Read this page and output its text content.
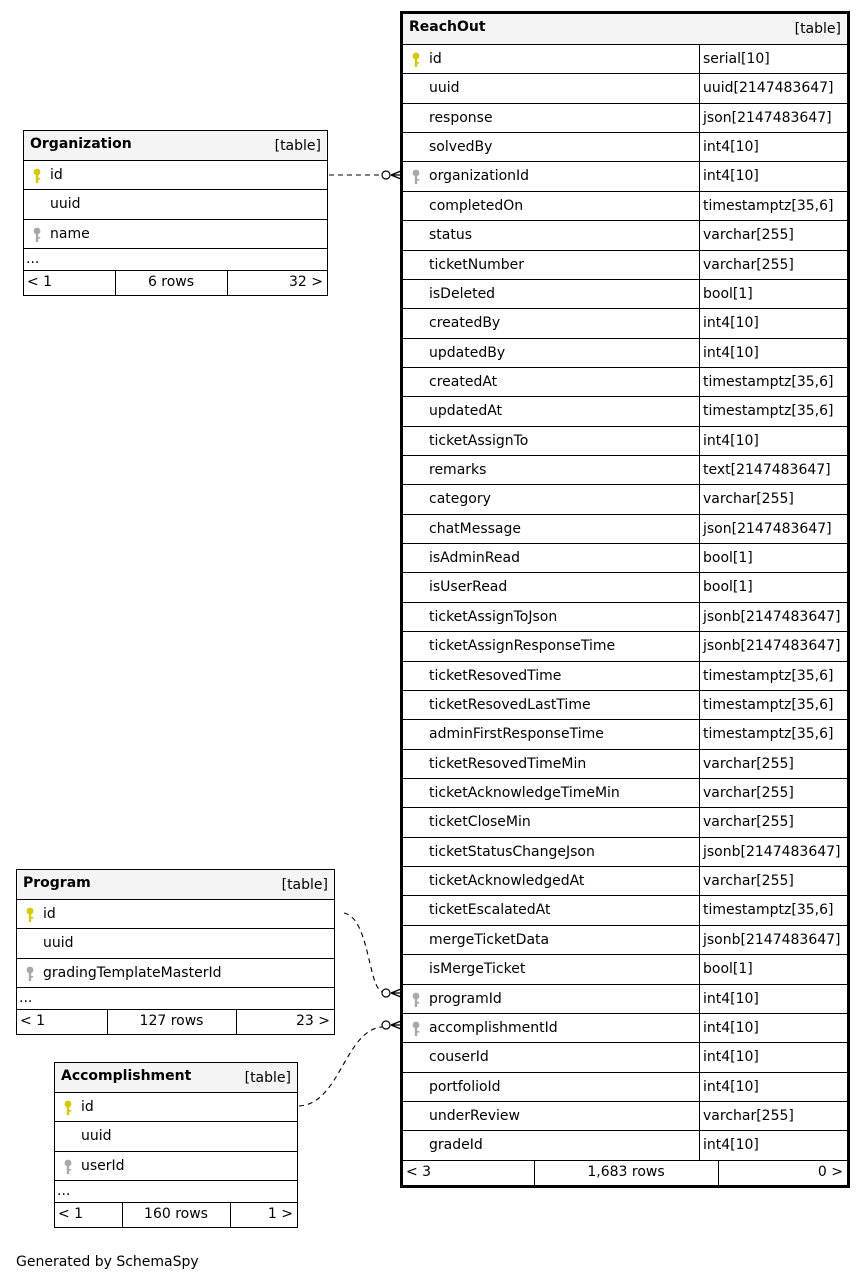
Organization	[table]
id
uuid
name
...
< 1	6 rows	32 >
Program	[table]
id
uuid
gradingTemplateMasterId
...
< 1	127 rows	23 >
Accomplishment	[table]
id
uuid
userId
...
< 1	160 rows	1 >
ReachOut	[table]
id	serial[10]
uuid	uuid[2147483647]
response	json[2147483647]
solvedBy	int4[10]
organizationId	int4[10]
completedOn	timestamptz[35,6]
status	varchar[255]
ticketNumber	varchar[255]
isDeleted	bool[1]
createdBy	int4[10]
updatedBy	int4[10]
createdAt	timestamptz[35,6]
updatedAt	timestamptz[35,6]
ticketAssignTo	int4[10]
remarks	text[2147483647]
category	varchar[255]
chatMessage	json[2147483647]
isAdminRead	bool[1]
isUserRead	bool[1]
ticketAssignToJson	jsonb[2147483647]
ticketAssignResponseTime	jsonb[2147483647]
ticketResovedTime	timestamptz[35,6]
ticketResovedLastTime	timestamptz[35,6]
adminFirstResponseTime	timestamptz[35,6]
ticketResovedTimeMin	varchar[255]
ticketAcknowledgeTimeMin	varchar[255]
ticketCloseMin	varchar[255]
ticketStatusChangeJson	jsonb[2147483647]
ticketAcknowledgedAt	varchar[255]
ticketEscalatedAt	timestamptz[35,6]
mergeTicketData	jsonb[2147483647]
isMergeTicket	bool[1]
programId	int4[10]
accomplishmentId	int4[10]
couserId	int4[10]
portfolioId	int4[10]
underReview	varchar[255]
gradeId	int4[10]
< 3	1,683 rows	0 >
Generated by SchemaSpy
